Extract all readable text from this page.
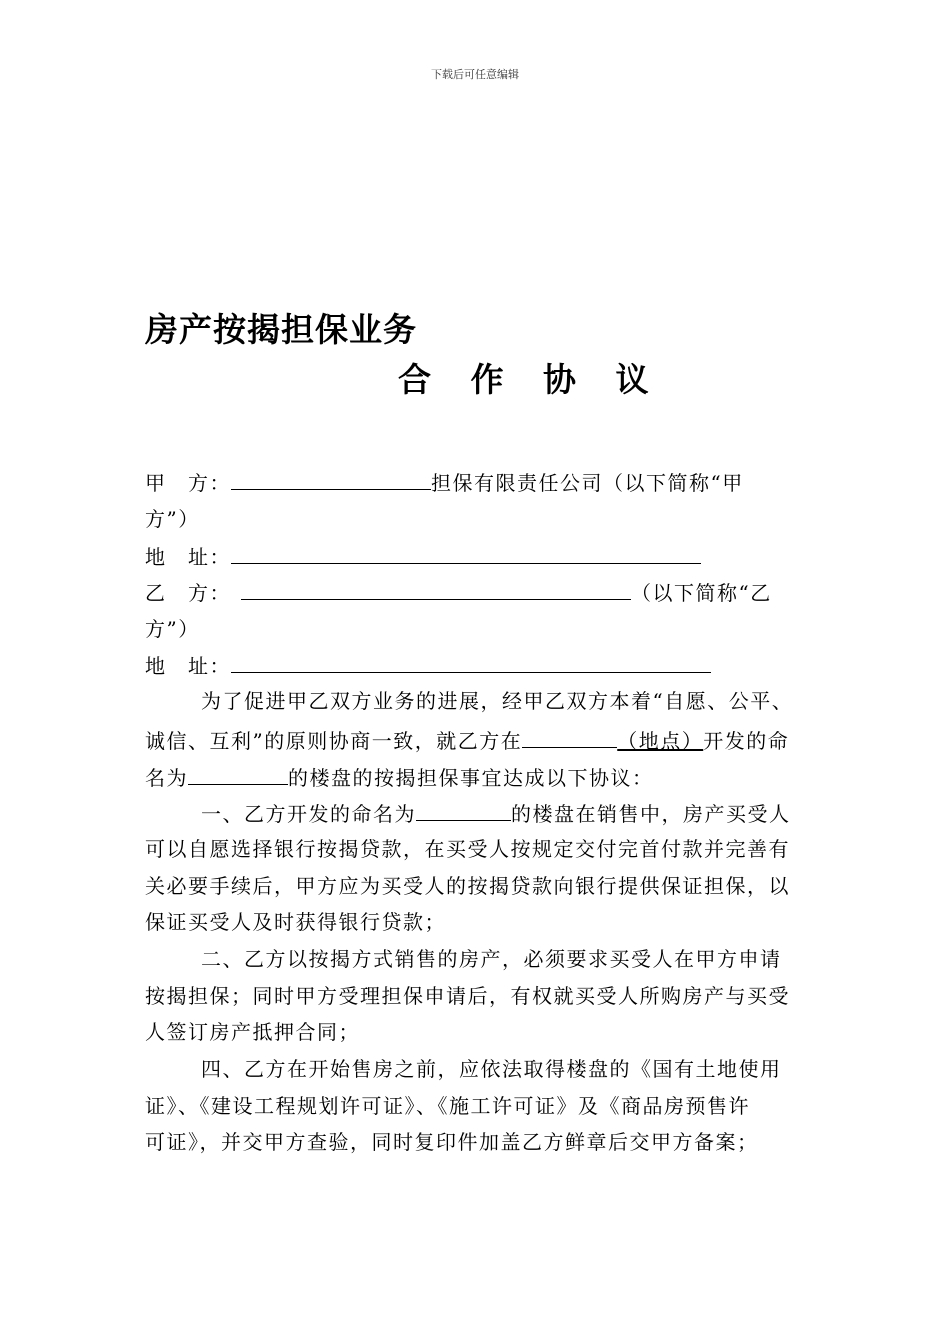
下载后可任意编辑
房产按揭担保业务
合 作 协 议
甲　方：	担保有限责任公司（以下简称“甲
方”）
地　址：
乙　方：	（以下简称“乙
方”）
地　址：
为了促进甲乙双方业务的进展，经甲乙双方本着“自愿、公平、
诚信、互利”的原则协商一致，就乙方在	（地点）开发的命
名为	的楼盘的按揭担保事宜达成以下协议：
一、乙方开发的命名为	的楼盘在销售中，房产买受人
可以自愿选择银行按揭贷款，在买受人按规定交付完首付款并完善有
关必要手续后，甲方应为买受人的按揭贷款向银行提供保证担保，以
保证买受人及时获得银行贷款；
二、乙方以按揭方式销售的房产，必须要求买受人在甲方申请
按揭担保；同时甲方受理担保申请后，有权就买受人所购房产与买受
人签订房产抵押合同；
四、乙方在开始售房之前，应依法取得楼盘的《国有土地使用
证》、《建设工程规划许可证》、《施工许可证》及《商品房预售许
可证》，并交甲方查验，同时复印件加盖乙方鲜章后交甲方备案；
